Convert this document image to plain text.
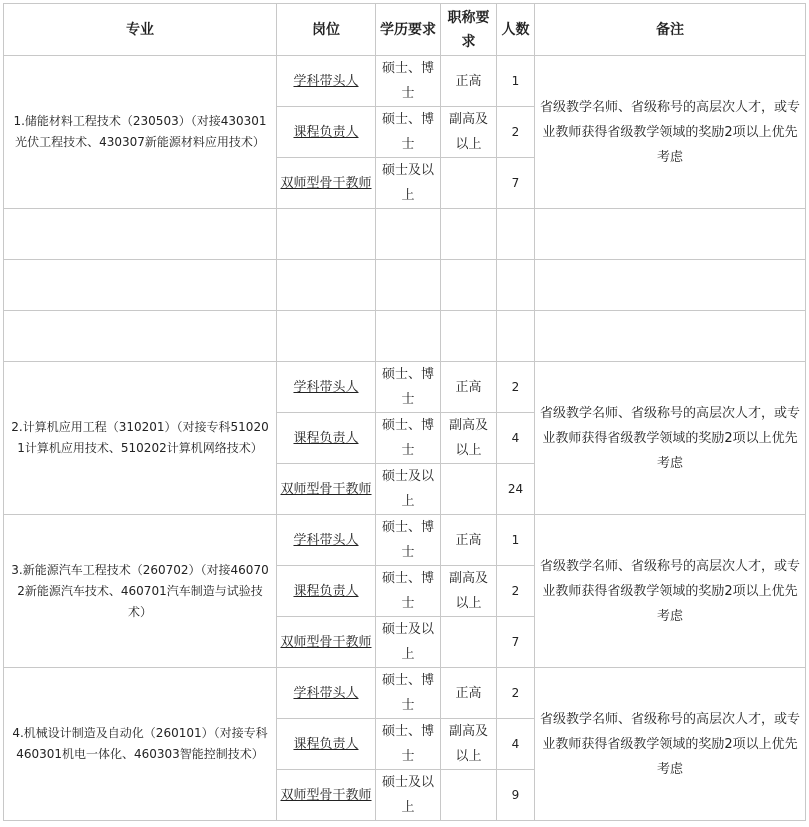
专业	岗位	学历要求	职称要求	人数	备注
1.储能材料工程技术（230503）（对接430301光伏工程技术、430307新能源材料应用技术）	学科带头人	硕士、博士	正高	1	省级教学名师、省级称号的高层次人才，或专业教师获得省级教学领域的奖励2项以上优先考虑
	课程负责人	硕士、博士	副高及以上	2	
	双师型骨干教师	硕士及以上		7	

2.计算机应用工程（310201）（对接专科510201计算机应用技术、510202计算机网络技术）	学科带头人	硕士、博士	正高	2	省级教学名师、省级称号的高层次人才，或专业教师获得省级教学领域的奖励2项以上优先考虑
	课程负责人	硕士、博士	副高及以上	4	
	双师型骨干教师	硕士及以上		24	
3.新能源汽车工程技术（260702）（对接460702新能源汽车技术、460701汽车制造与试验技术）	学科带头人	硕士、博士	正高	1	省级教学名师、省级称号的高层次人才，或专业教师获得省级教学领域的奖励2项以上优先考虑
	课程负责人	硕士、博士	副高及以上	2	
	双师型骨干教师	硕士及以上		7	
4.机械设计制造及自动化（260101）（对接专科460301机电一体化、460303智能控制技术）	学科带头人	硕士、博士	正高	2	省级教学名师、省级称号的高层次人才，或专业教师获得省级教学领域的奖励2项以上优先考虑
	课程负责人	硕士、博士	副高及以上	4	
	双师型骨干教师	硕士及以上		9	
